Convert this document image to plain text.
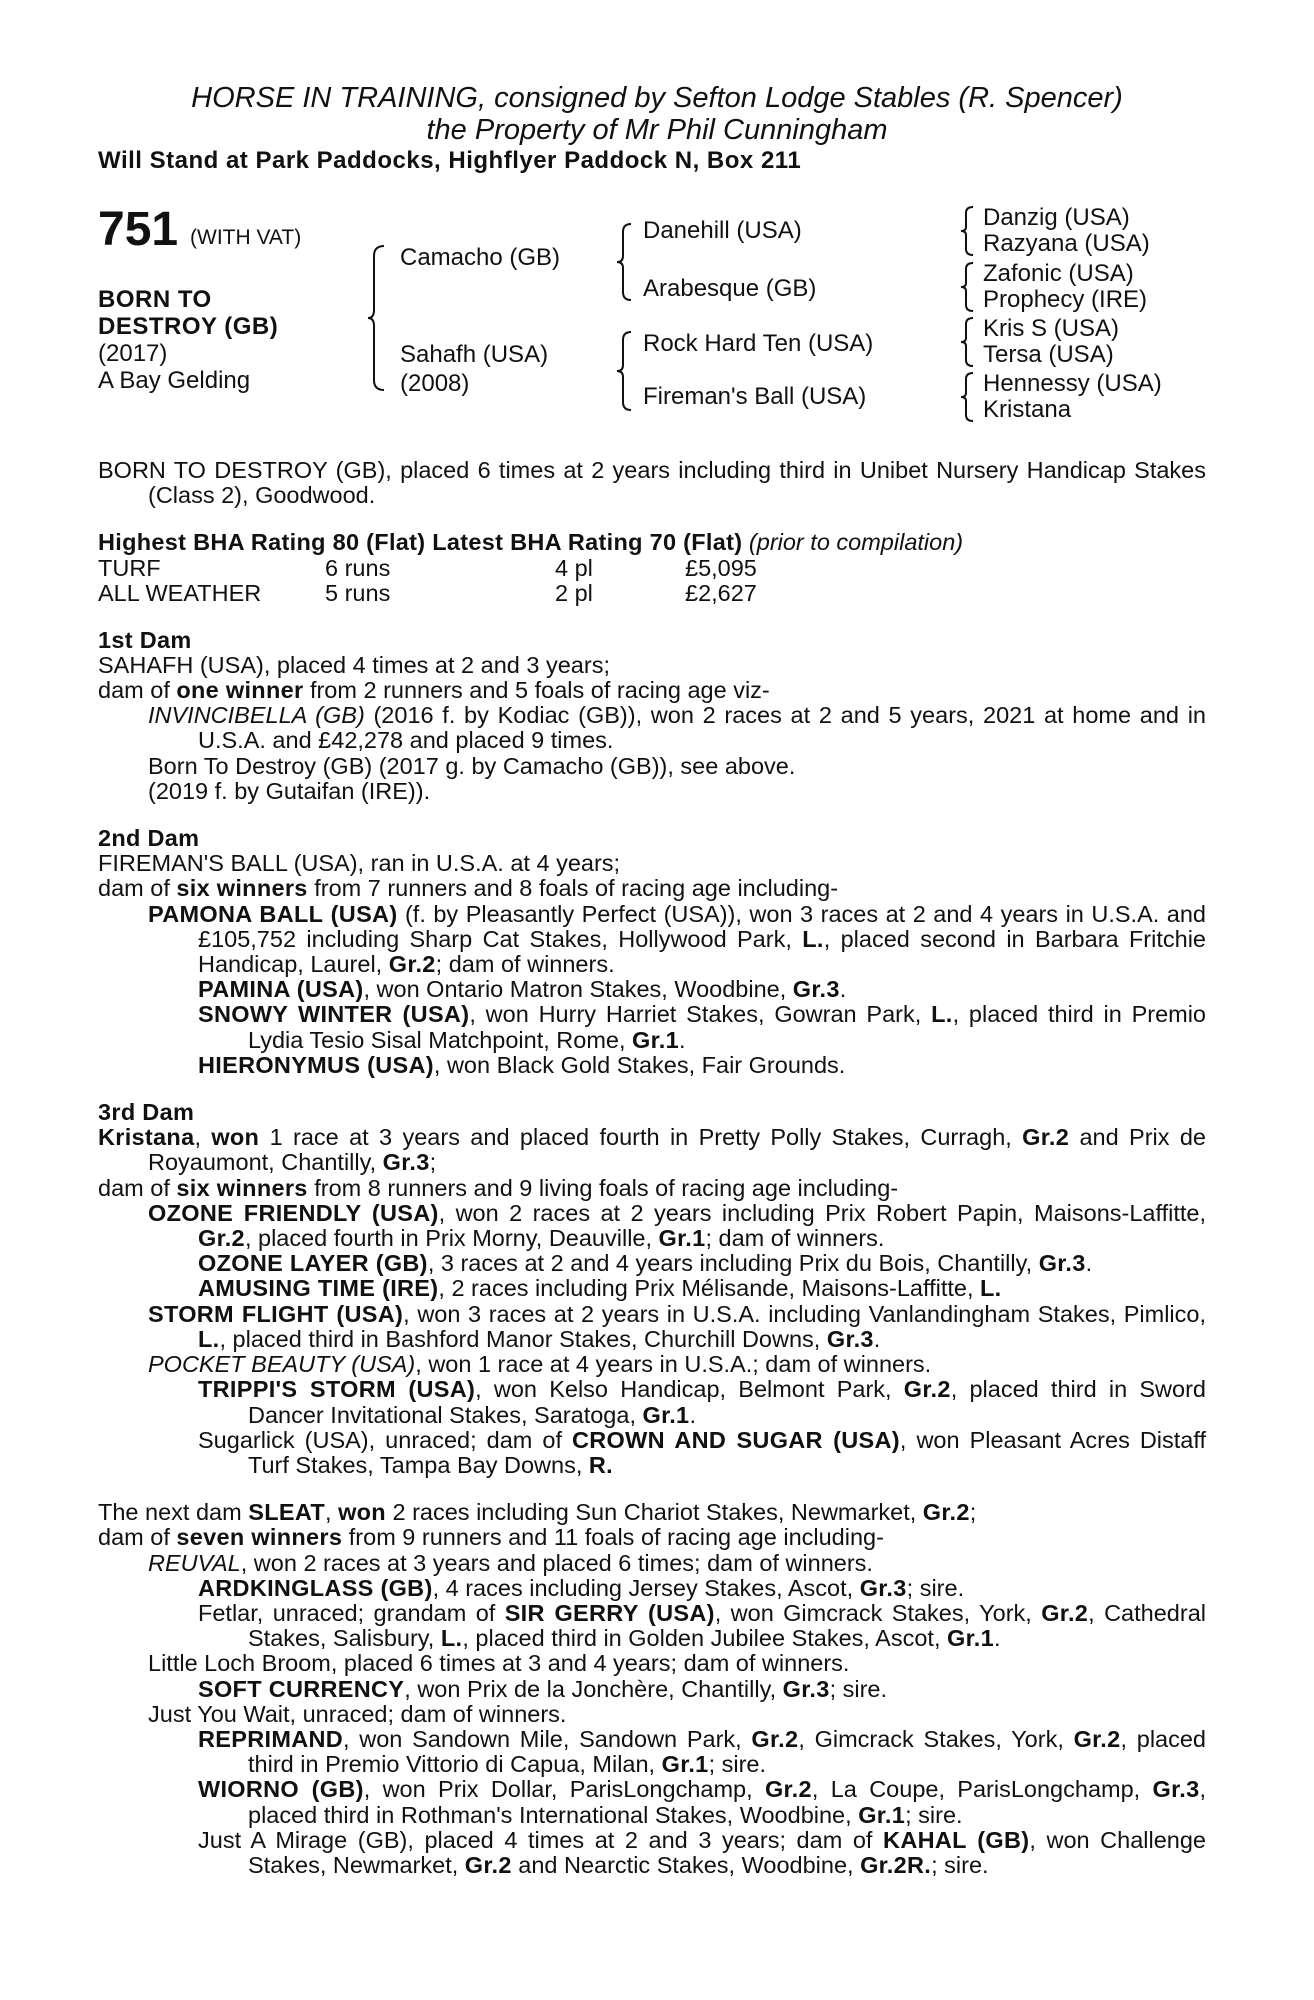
HORSE IN TRAINING, consigned by Sefton Lodge Stables (R. Spencer)
the Property of Mr Phil Cunningham
Will Stand at Park Paddocks, Highflyer Paddock N, Box 211
751 (WITH VAT)
BORN TO
DESTROY (GB)
(2017)
A Bay Gelding
Camacho (GB)
Sahafh (USA)
(2008)
Danehill (USA)
Arabesque (GB)
Rock Hard Ten (USA)
Fireman's Ball (USA)
Danzig (USA)
Razyana (USA)
Zafonic (USA)
Prophecy (IRE)
Kris S (USA)
Tersa (USA)
Hennessy (USA)
Kristana

BORN TO DESTROY (GB), placed 6 times at 2 years including third in Unibet Nursery Handicap Stakes (Class 2), Goodwood.

Highest BHA Rating 80 (Flat) Latest BHA Rating 70 (Flat) (prior to compilation)

TURF	6 runs	4 pl	£5,095
ALL WEATHER	5 runs	2 pl	£2,627

1st Dam

SAHAFH (USA), placed 4 times at 2 and 3 years;

dam of one winner from 2 runners and 5 foals of racing age viz-

INVINCIBELLA (GB) (2016 f. by Kodiac (GB)), won 2 races at 2 and 5 years, 2021 at home and in U.S.A. and £42,278 and placed 9 times.

Born To Destroy (GB) (2017 g. by Camacho (GB)), see above.

(2019 f. by Gutaifan (IRE)).

2nd Dam

FIREMAN'S BALL (USA), ran in U.S.A. at 4 years;

dam of six winners from 7 runners and 8 foals of racing age including-

PAMONA BALL (USA) (f. by Pleasantly Perfect (USA)), won 3 races at 2 and 4 years in U.S.A. and £105,752 including Sharp Cat Stakes, Hollywood Park, L., placed second in Barbara Fritchie Handicap, Laurel, Gr.2; dam of winners.

PAMINA (USA), won Ontario Matron Stakes, Woodbine, Gr.3.

SNOWY WINTER (USA), won Hurry Harriet Stakes, Gowran Park, L., placed third in Premio Lydia Tesio Sisal Matchpoint, Rome, Gr.1.

HIERONYMUS (USA), won Black Gold Stakes, Fair Grounds.

3rd Dam

Kristana, won 1 race at 3 years and placed fourth in Pretty Polly Stakes, Curragh, Gr.2 and Prix de Royaumont, Chantilly, Gr.3;

dam of six winners from 8 runners and 9 living foals of racing age including-

OZONE FRIENDLY (USA), won 2 races at 2 years including Prix Robert Papin, Maisons-Laffitte, Gr.2, placed fourth in Prix Morny, Deauville, Gr.1; dam of winners.

OZONE LAYER (GB), 3 races at 2 and 4 years including Prix du Bois, Chantilly, Gr.3.

AMUSING TIME (IRE), 2 races including Prix Mélisande, Maisons-Laffitte, L.

STORM FLIGHT (USA), won 3 races at 2 years in U.S.A. including Vanlandingham Stakes, Pimlico, L., placed third in Bashford Manor Stakes, Churchill Downs, Gr.3.

POCKET BEAUTY (USA), won 1 race at 4 years in U.S.A.; dam of winners.

TRIPPI'S STORM (USA), won Kelso Handicap, Belmont Park, Gr.2, placed third in Sword Dancer Invitational Stakes, Saratoga, Gr.1.

Sugarlick (USA), unraced; dam of CROWN AND SUGAR (USA), won Pleasant Acres Distaff Turf Stakes, Tampa Bay Downs, R.

The next dam SLEAT, won 2 races including Sun Chariot Stakes, Newmarket, Gr.2;

dam of seven winners from 9 runners and 11 foals of racing age including-

REUVAL, won 2 races at 3 years and placed 6 times; dam of winners.

ARDKINGLASS (GB), 4 races including Jersey Stakes, Ascot, Gr.3; sire.

Fetlar, unraced; grandam of SIR GERRY (USA), won Gimcrack Stakes, York, Gr.2, Cathedral Stakes, Salisbury, L., placed third in Golden Jubilee Stakes, Ascot, Gr.1.

Little Loch Broom, placed 6 times at 3 and 4 years; dam of winners.

SOFT CURRENCY, won Prix de la Jonchère, Chantilly, Gr.3; sire.

Just You Wait, unraced; dam of winners.

REPRIMAND, won Sandown Mile, Sandown Park, Gr.2, Gimcrack Stakes, York, Gr.2, placed third in Premio Vittorio di Capua, Milan, Gr.1; sire.

WIORNO (GB), won Prix Dollar, ParisLongchamp, Gr.2, La Coupe, ParisLongchamp, Gr.3, placed third in Rothman's International Stakes, Woodbine, Gr.1; sire.

Just A Mirage (GB), placed 4 times at 2 and 3 years; dam of KAHAL (GB), won Challenge Stakes, Newmarket, Gr.2 and Nearctic Stakes, Woodbine, Gr.2R.; sire.
